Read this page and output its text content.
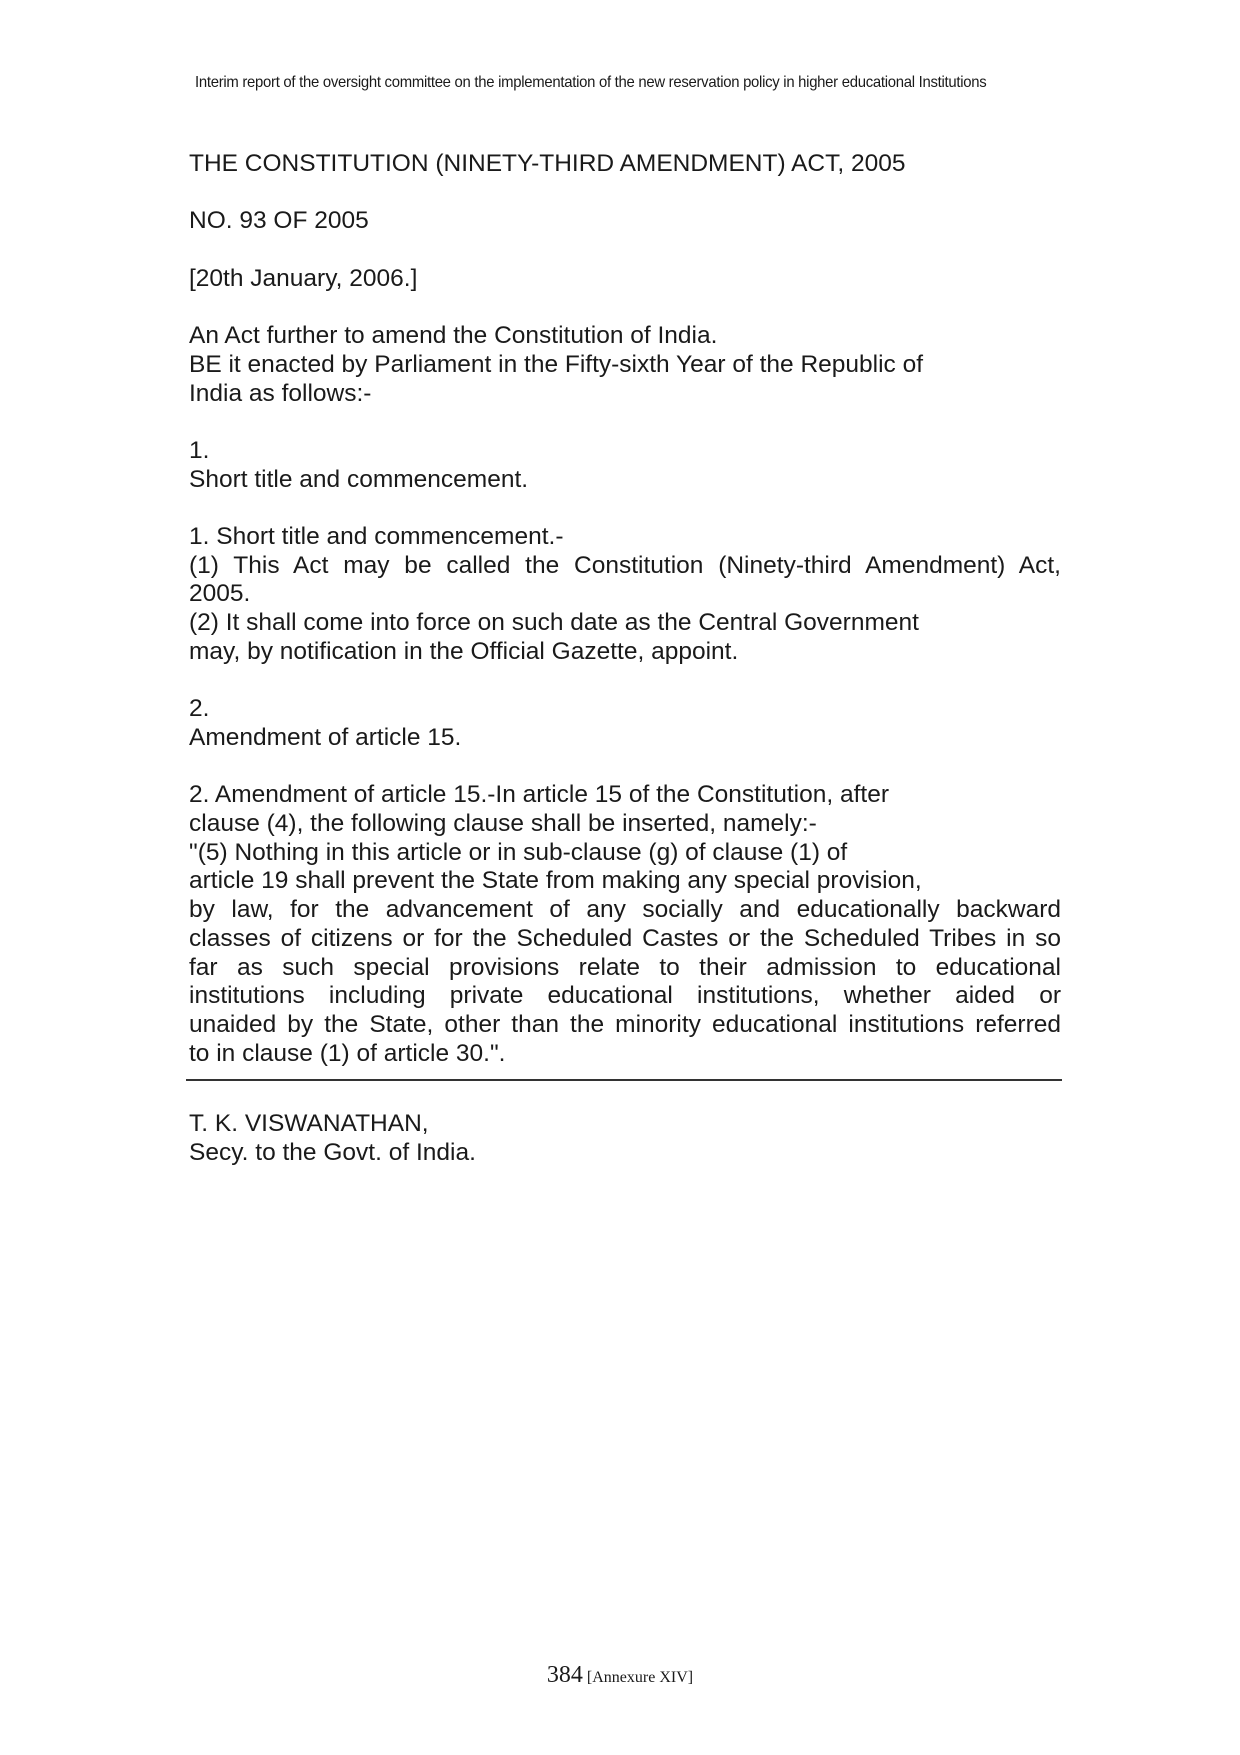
Interim report of the oversight committee on the implementation of the new reservation policy in higher educational Institutions

THE CONSTITUTION (NINETY-THIRD AMENDMENT) ACT, 2005

NO. 93 OF 2005

[20th January, 2006.]

An Act further to amend the Constitution of India.

BE it enacted by Parliament in the Fifty-sixth Year of the Republic of

India as follows:-

1.

Short title and commencement.

1. Short title and commencement.-

(1) This Act may be called the Constitution (Ninety-third Amendment) Act,

2005.

(2) It shall come into force on such date as the Central Government

may, by notification in the Official Gazette, appoint.

2.

Amendment of article 15.

2. Amendment of article 15.-In article 15 of the Constitution, after

clause (4), the following clause shall be inserted, namely:-

"(5) Nothing in this article or in sub-clause (g) of clause (1) of

article 19 shall prevent the State from making any special provision,

by law, for the advancement of any socially and educationally backward

classes of citizens or for the Scheduled Castes or the Scheduled Tribes in so

far as such special provisions relate to their admission to educational

institutions including private educational institutions, whether aided or

unaided by the State, other than the minority educational institutions referred

to in clause (1) of article 30.".

T. K. VISWANATHAN,

Secy. to the Govt. of India.

384 [Annexure XIV]
